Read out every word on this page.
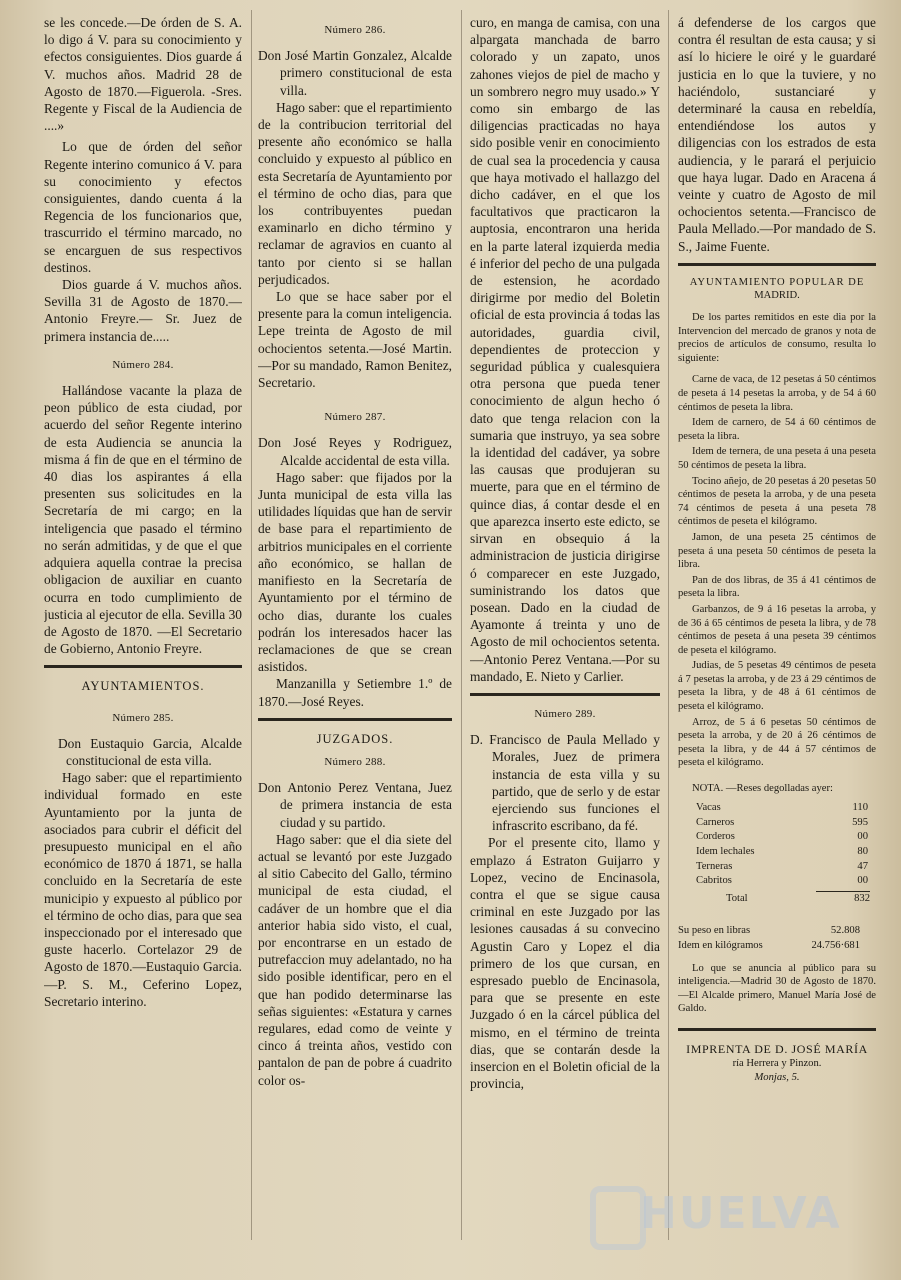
se les concede.—De órden de S. A. lo digo á V. para su conocimiento y efectos consiguientes. Dios guarde á V. muchos años. Madrid 28 de Agosto de 1870.—Figuerola. -Sres. Regente y Fiscal de la Audiencia de ....»

Lo que de órden del señor Regente interino comunico á V. para su conocimiento y efectos consiguientes, dando cuenta á la Regencia de los funcionarios que, trascurrido el término marcado, no se encarguen de sus respectivos destinos.

Dios guarde á V. muchos años. Sevilla 31 de Agosto de 1870.—Antonio Freyre.— Sr. Juez de primera instancia de.....

Número 284.

Hallándose vacante la plaza de peon público de esta ciudad, por acuerdo del señor Regente interino de esta Audiencia se anuncia la misma á fin de que en el término de 40 dias los aspirantes á ella presenten sus solicitudes en la Secretaría de mi cargo; en la inteligencia que pasado el término no serán admitidas, y de que el que adquiera aquella contrae la precisa obligacion de auxiliar en cuanto ocurra en todo cumplimiento de justicia al ejecutor de ella. Sevilla 30 de Agosto de 1870. —El Secretario de Gobierno, Antonio Freyre.

AYUNTAMIENTOS.
Número 285.

Don Eustaquio Garcia, Alcalde constitucional de esta villa.

Hago saber: que el repartimiento individual formado en este Ayuntamiento por la junta de asociados para cubrir el déficit del presupuesto municipal en el año económico de 1870 á 1871, se halla concluido en la Secretaría de este municipio y expuesto al público por el término de ocho dias, para que sea inspeccionado por el interesado que guste hacerlo. Cortelazor 29 de Agosto de 1870.—Eustaquio Garcia.—P. S. M., Ceferino Lopez, Secretario interino.

Número 286.

Don José Martin Gonzalez, Alcalde primero constitucional de esta villa.

Hago saber: que el repartimiento de la contribucion territorial del presente año económico se halla concluido y expuesto al público en esta Secretaría de Ayuntamiento por el término de ocho dias, para que los contribuyentes puedan examinarlo en dicho término y reclamar de agravios en cuanto al tanto por ciento si se hallan perjudicados.

Lo que se hace saber por el presente para la comun inteligencia. Lepe treinta de Agosto de mil ochocientos setenta.—José Martin.—Por su mandado, Ramon Benitez, Secretario.

Número 287.

Don José Reyes y Rodriguez, Alcalde accidental de esta villa.

Hago saber: que fijados por la Junta municipal de esta villa las utilidades líquidas que han de servir de base para el repartimiento de arbitrios municipales en el corriente año económico, se hallan de manifiesto en la Secretaría de Ayuntamiento por el término de ocho dias, durante los cuales podrán los interesados hacer las reclamaciones de que se crean asistidos.

Manzanilla y Setiembre 1.º de 1870.—José Reyes.

JUZGADOS.
Número 288.

Don Antonio Perez Ventana, Juez de primera instancia de esta ciudad y su partido.

Hago saber: que el dia siete del actual se levantó por este Juzgado al sitio Cabecito del Gallo, término municipal de esta ciudad, el cadáver de un hombre que el dia anterior habia sido visto, el cual, por encontrarse en un estado de putrefaccion muy adelantado, no ha sido posible identificar, pero en el que han podido determinarse las señas siguientes: «Estatura y carnes regulares, edad como de veinte y cinco á treinta años, vestido con pantalon de pan de pobre á cuadrito color os-

curo, en manga de camisa, con una alpargata manchada de barro colorado y un zapato, unos zahones viejos de piel de macho y un sombrero negro muy usado.» Y como sin embargo de las diligencias practicadas no haya sido posible venir en conocimiento de cual sea la procedencia y causa que haya motivado el hallazgo del dicho cadáver, en el que los facultativos que practicaron la auptosia, encontraron una herida en la parte lateral izquierda media é inferior del pecho de una pulgada de estension, he acordado dirigirme por medio del Boletin oficial de esta provincia á todas las autoridades, guardia civil, dependientes de proteccion y seguridad pública y cualesquiera otra persona que pueda tener conocimiento de algun hecho ó dato que tenga relacion con la sumaria que instruyo, ya sea sobre la identidad del cadáver, ya sobre las causas que produjeran su muerte, para que en el término de quince dias, á contar desde el en que aparezca inserto este edicto, se sirvan en obsequio á la administracion de justicia dirigirse ó comparecer en este Juzgado, suministrando los datos que posean. Dado en la ciudad de Ayamonte á treinta y uno de Agosto de mil ochocientos setenta.—Antonio Perez Ventana.—Por su mandado, E. Nieto y Carlier.

Número 289.

D. Francisco de Paula Mellado y Morales, Juez de primera instancia de esta villa y su partido, que de serlo y de estar ejerciendo sus funciones el infrascrito escribano, da fé.

Por el presente cito, llamo y emplazo á Estraton Guijarro y Lopez, vecino de Encinasola, contra el que se sigue causa criminal en este Juzgado por las lesiones causadas á su convecino Agustin Caro y Lopez el dia primero de los que cursan, en espresado pueblo de Encinasola, para que se presente en este Juzgado ó en la cárcel pública del mismo, en el término de treinta dias, que se contarán desde la insercion en el Boletin oficial de la provincia,

á defenderse de los cargos que contra él resultan de esta causa; y si así lo hiciere le oiré y le guardaré justicia en lo que la tuviere, y no haciéndolo, sustanciaré y determinaré la causa en rebeldía, entendiéndose los autos y diligencias con los estrados de esta audiencia, y le parará el perjuicio que haya lugar. Dado en Aracena á veinte y cuatro de Agosto de mil ochocientos setenta.—Francisco de Paula Mellado.—Por mandado de S. S., Jaime Fuente.

AYUNTAMIENTO POPULAR DE
MADRID.

De los partes remitidos en este dia por la Intervencion del mercado de granos y nota de precios de artículos de consumo, resulta lo siguiente:

Carne de vaca, de 12 pesetas á 50 céntimos de peseta á 14 pesetas la arroba, y de 54 á 60 céntimos de peseta la libra.

Idem de carnero, de 54 á 60 céntimos de peseta la libra.

Idem de ternera, de una peseta á una peseta 50 céntimos de peseta la libra.

Tocino añejo, de 20 pesetas á 20 pesetas 50 céntimos de peseta la arroba, y de una peseta 74 céntimos de peseta á una peseta 78 céntimos de peseta el kilógramo.

Jamon, de una peseta 25 céntimos de peseta á una peseta 50 céntimos de peseta la libra.

Pan de dos libras, de 35 á 41 céntimos de peseta la libra.

Garbanzos, de 9 á 16 pesetas la arroba, y de 36 á 65 céntimos de peseta la libra, y de 78 céntimos de peseta á una peseta 39 céntimos de peseta el kilógramo.

Judias, de 5 pesetas 49 céntimos de peseta á 7 pesetas la arroba, y de 23 á 29 céntimos de peseta la libra, y de 48 á 61 céntimos de peseta el kilógramo.

Arroz, de 5 á 6 pesetas 50 céntimos de peseta la arroba, y de 20 á 26 céntimos de peseta la libra, y de 44 á 57 céntimos de peseta el kilógramo.

NOTA. —Reses degolladas ayer:
Vacas	110
Carneros	595
Corderos	00
Idem lechales	80
Terneras	47
Cabritos	00
Total	832
Su peso en libras	52.808
Idem en kilógramos	24.756·681

Lo que se anuncia al público para su inteligencia.—Madrid 30 de Agosto de 1870.—El Alcalde primero, Manuel María José de Galdo.

IMPRENTA DE D. JOSÉ MARÍA
ría Herrera y Pinzon.
Monjas, 5.
HUELVA
